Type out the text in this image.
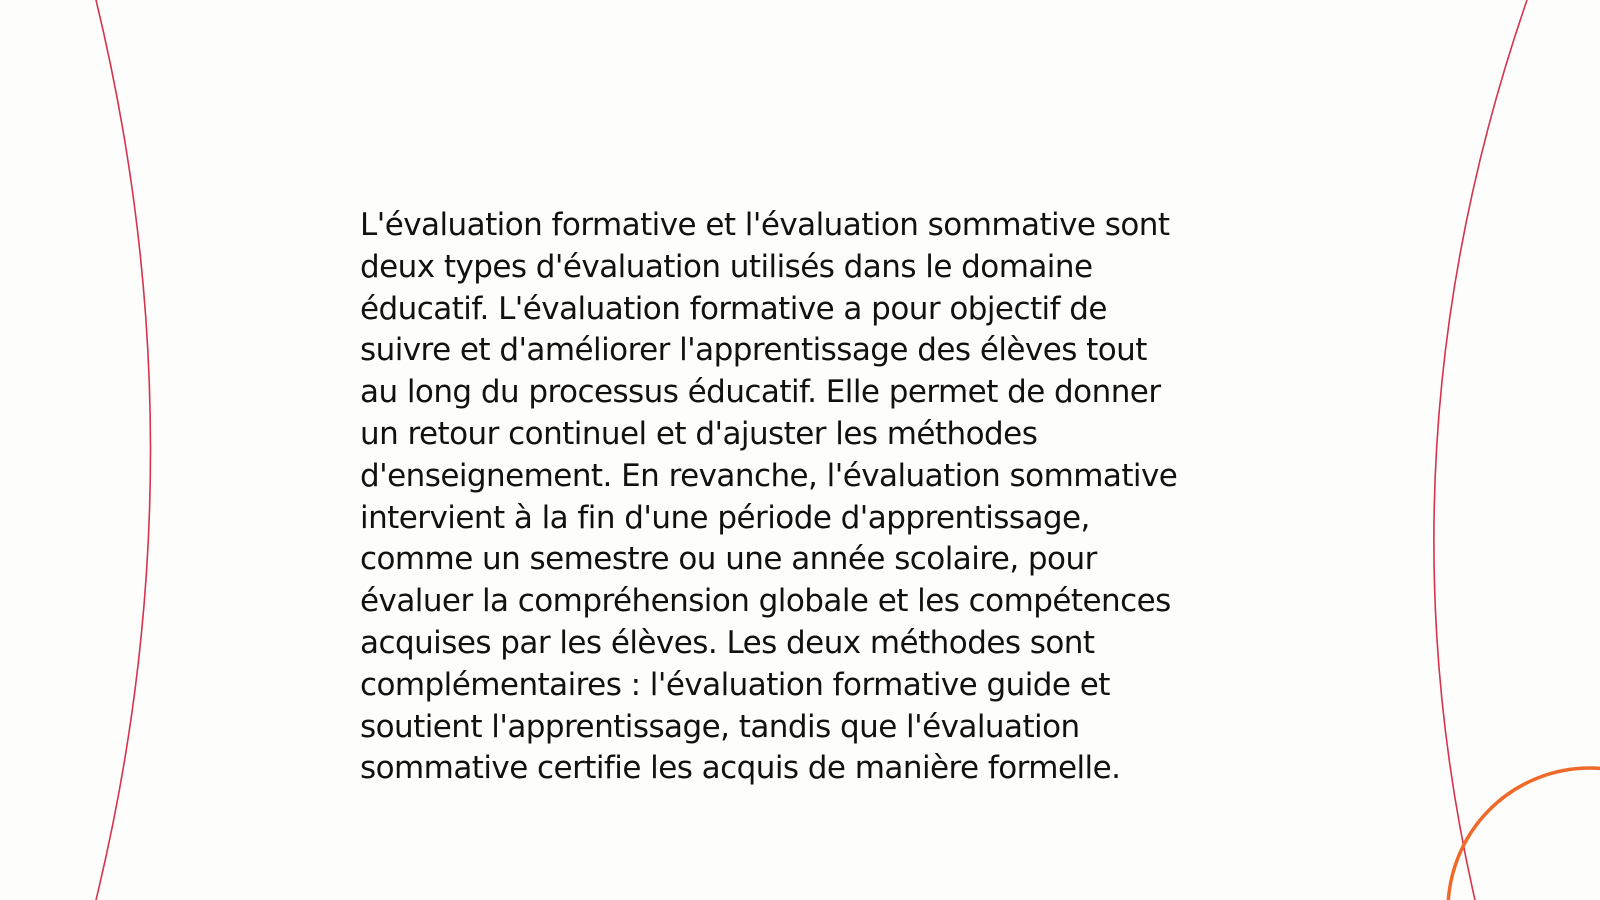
L'évaluation formative et l'évaluation sommative sont
deux types d'évaluation utilisés dans le domaine
éducatif. L'évaluation formative a pour objectif de
suivre et d'améliorer l'apprentissage des élèves tout
au long du processus éducatif. Elle permet de donner
un retour continuel et d'ajuster les méthodes
d'enseignement. En revanche, l'évaluation sommative
intervient à la fin d'une période d'apprentissage,
comme un semestre ou une année scolaire, pour
évaluer la compréhension globale et les compétences
acquises par les élèves. Les deux méthodes sont
complémentaires : l'évaluation formative guide et
soutient l'apprentissage, tandis que l'évaluation
sommative certifie les acquis de manière formelle.
